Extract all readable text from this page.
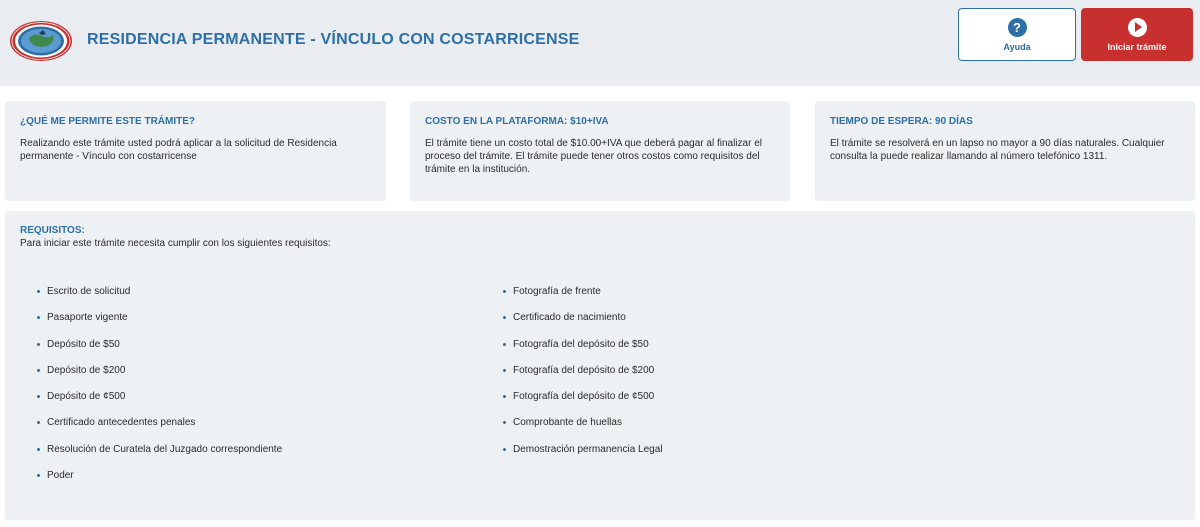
RESIDENCIA PERMANENTE - VÍNCULO CON COSTARRICENSE
?
Ayuda	Iniciar trámite
¿QUÉ ME PERMITE ESTE TRÁMITE?

Realizando este trámite usted podrá aplicar a la solicitud de Residencia permanente - Vínculo con costarricense

COSTO EN LA PLATAFORMA: $10+IVA

El trámite tiene un costo total de $10.00+IVA que deberá pagar al finalizar el proceso del trámite. El trámite puede tener otros costos como requisitos del trámite en la institución.

TIEMPO DE ESPERA: 90 DÍAS

El trámite se resolverá en un lapso no mayor a 90 días naturales. Cualquier consulta la puede realizar llamando al número telefónico 1311.

REQUISITOS:
Para iniciar este trámite necesita cumplir con los siguientes requisitos:
Escrito de solicitud
Pasaporte vigente
Depósito de $50
Depósito de $200
Depósito de ¢500
Certificado antecedentes penales
Resolución de Curatela del Juzgado correspondiente
Poder
Fotografía de frente
Certificado de nacimiento
Fotografía del depósito de $50
Fotografía del depósito de $200
Fotografía del depósito de ¢500
Comprobante de huellas
Demostración permanencia Legal
